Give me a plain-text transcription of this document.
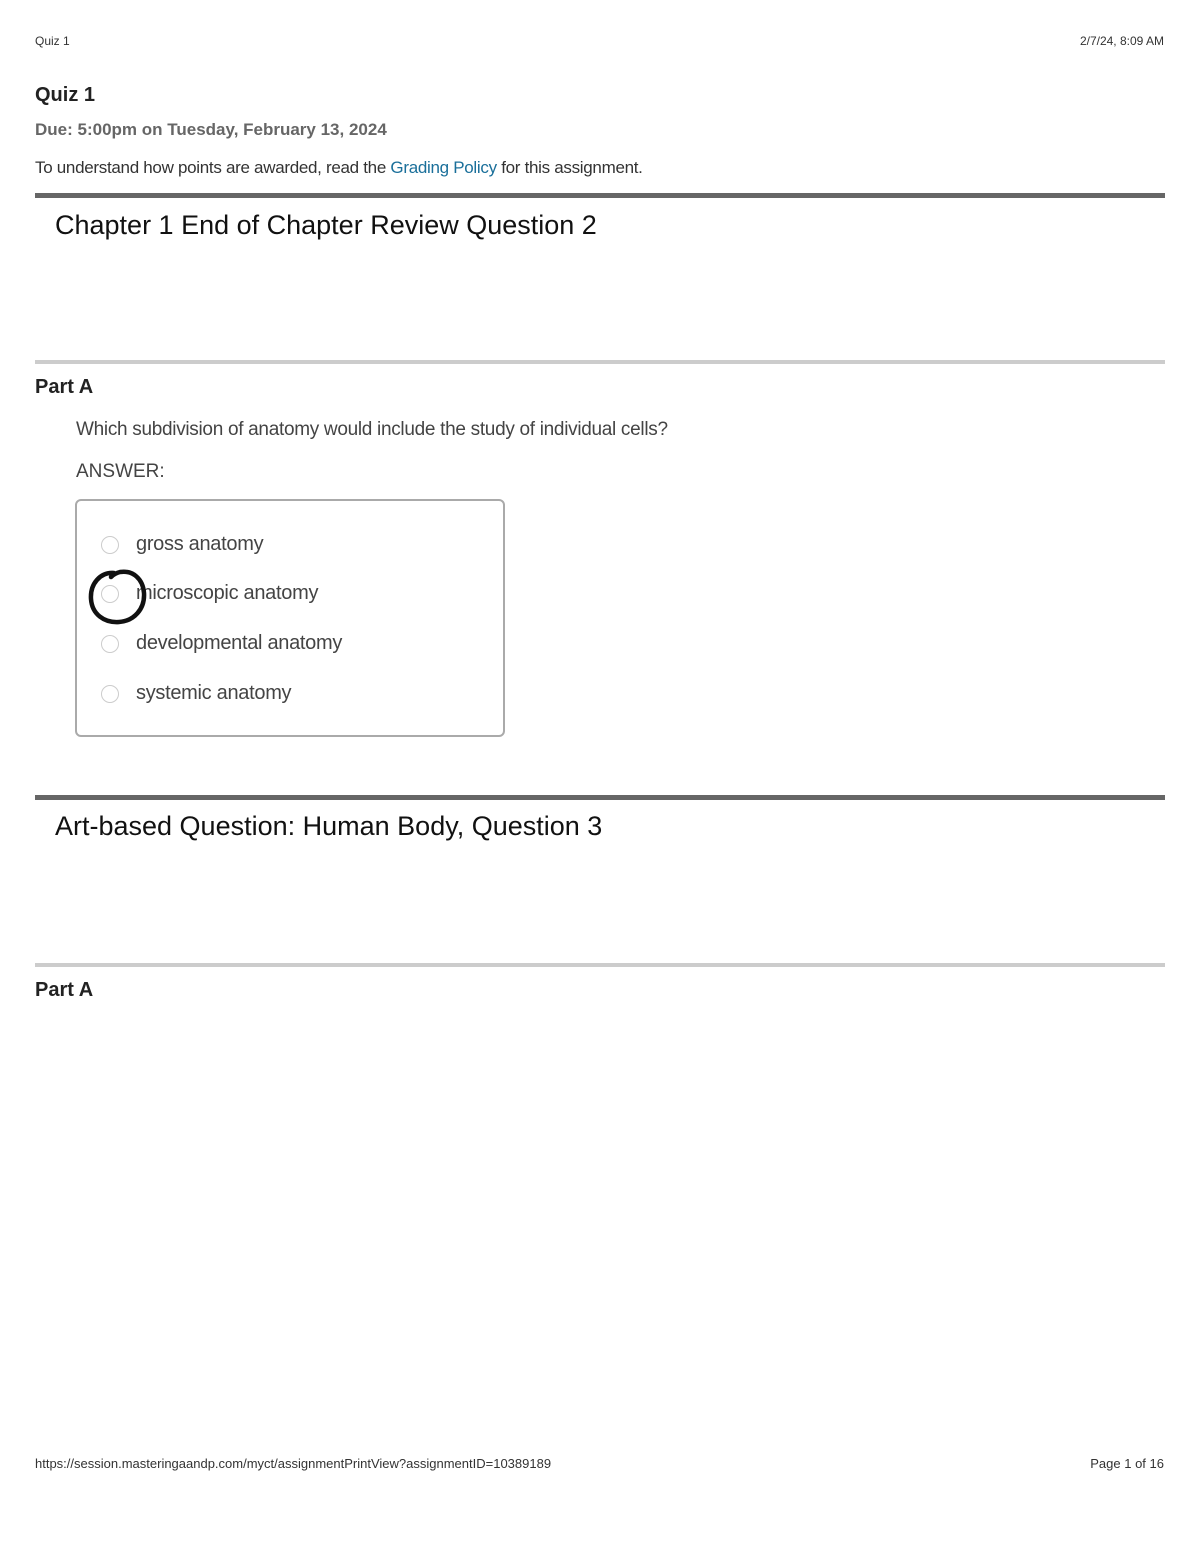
Quiz 1	2/7/24, 8:09 AM
Quiz 1
Due: 5:00pm on Tuesday, February 13, 2024
To understand how points are awarded, read the Grading Policy for this assignment.
Chapter 1 End of Chapter Review Question 2
Part A
Which subdivision of anatomy would include the study of individual cells?
ANSWER:
gross anatomy
microscopic anatomy
developmental anatomy
systemic anatomy
Art-based Question: Human Body, Question 3
Part A
https://session.masteringaandp.com/myct/assignmentPrintView?assignmentID=10389189	Page 1 of 16
